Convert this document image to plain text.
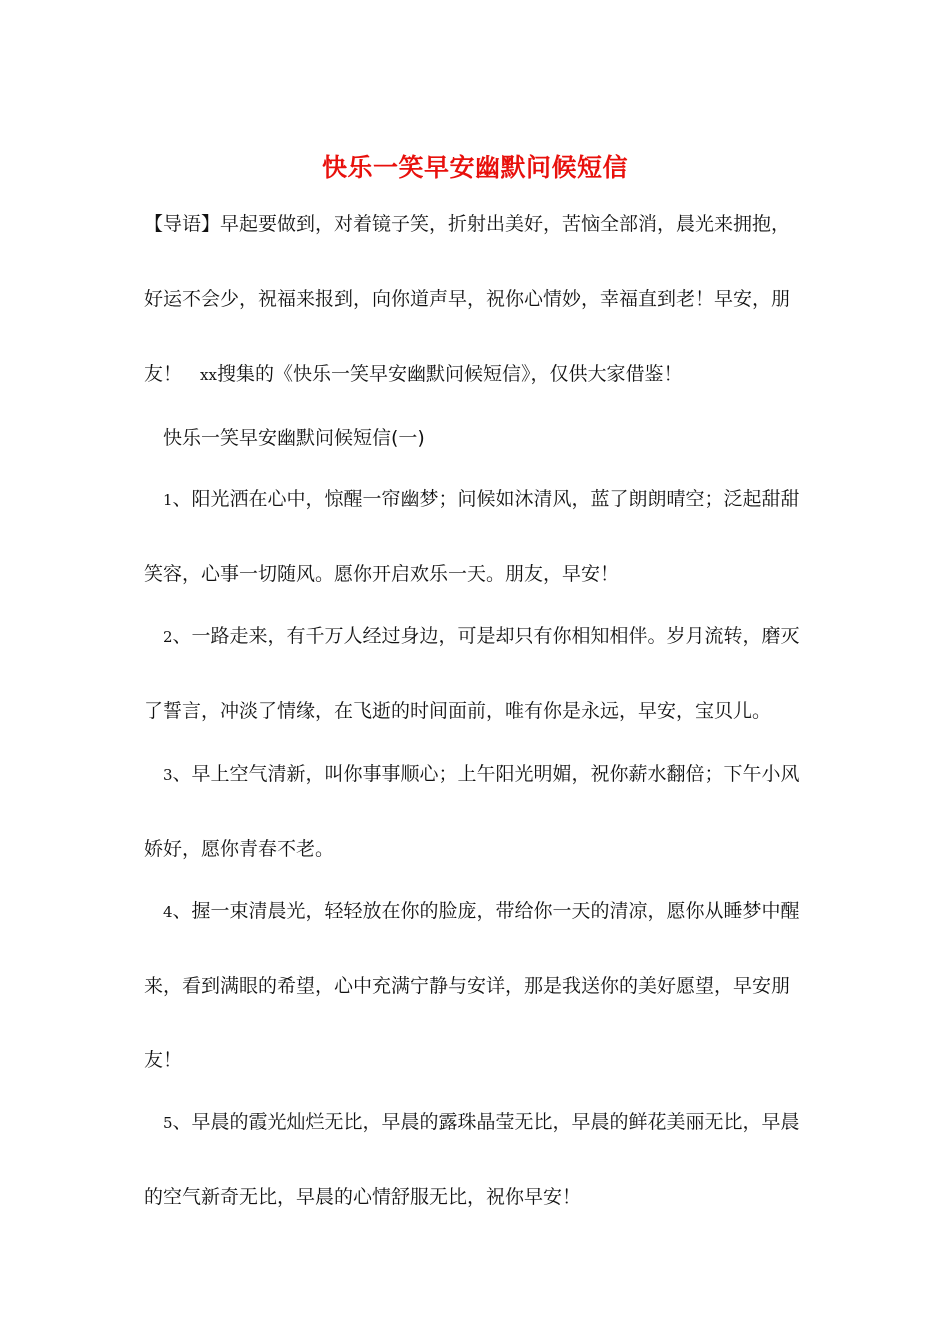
快乐一笑早安幽默问候短信
【导语】早起要做到，对着镜子笑，折射出美好，苦恼全部消，晨光来拥抱，
好运不会少，祝福来报到，向你道声早，祝你心情妙，幸福直到老！早安，朋
友！ xx搜集的《快乐一笑早安幽默问候短信》，仅供大家借鉴！
快乐一笑早安幽默问候短信(一)
1、阳光洒在心中，惊醒一帘幽梦；问候如沐清风，蓝了朗朗晴空；泛起甜甜
笑容，心事一切随风。愿你开启欢乐一天。朋友，早安！
2、一路走来，有千万人经过身边，可是却只有你相知相伴。岁月流转，磨灭
了誓言，冲淡了情缘，在飞逝的时间面前，唯有你是永远，早安，宝贝儿。
3、早上空气清新，叫你事事顺心；上午阳光明媚，祝你薪水翻倍；下午小风
娇好，愿你青春不老。
4、握一束清晨光，轻轻放在你的脸庞，带给你一天的清凉，愿你从睡梦中醒
来，看到满眼的希望，心中充满宁静与安详，那是我送你的美好愿望，早安朋
友！
5、早晨的霞光灿烂无比，早晨的露珠晶莹无比，早晨的鲜花美丽无比，早晨
的空气新奇无比，早晨的心情舒服无比，祝你早安！
